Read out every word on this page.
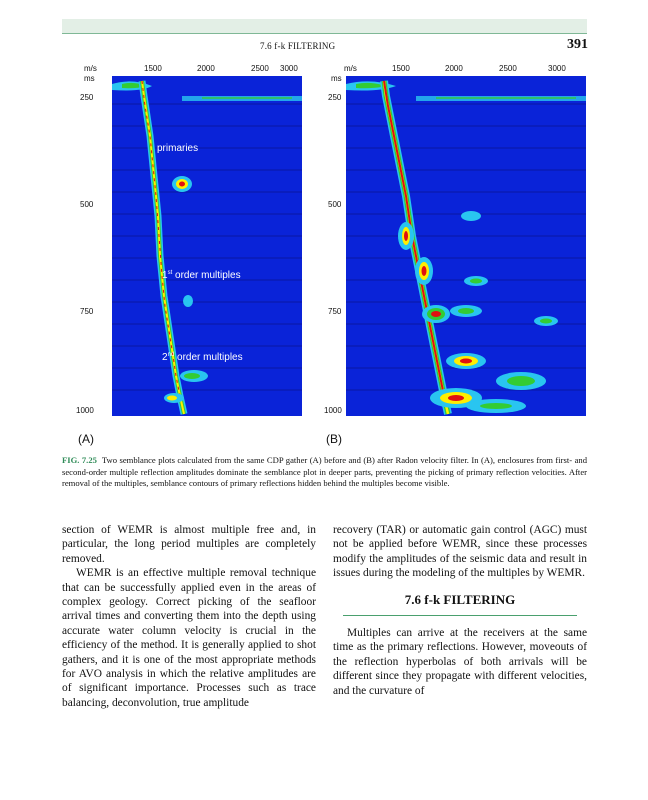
7.6 f-k FILTERING	391
m/s	1500	2000	2500 3000
ms
250
500
750
1000
primaries
1st order multiples
2nd order multiples
(A)
m/s	1500	2000	2500	3000
ms
250
500
750
1000
(B)
FIG. 7.25 Two semblance plots calculated from the same CDP gather (A) before and (B) after Radon velocity filter. In (A), enclosures from first- and second-order multiple reflection amplitudes dominate the semblance plot in deeper parts, preventing the picking of primary reflection velocities. After removal of the multiples, semblance contours of primary reflections hidden behind the multiples become visible.

section of WEMR is almost multiple free and, in particular, the long period multiples are completely removed.

WEMR is an effective multiple removal technique that can be successfully applied even in the areas of complex geology. Correct picking of the seafloor arrival times and converting them into the depth using accurate water column velocity is crucial in the efficiency of the method. It is generally applied to shot gathers, and it is one of the most appropriate methods for AVO analysis in which the relative amplitudes are of significant importance. Processes such as trace balancing, deconvolution, true amplitude

recovery (TAR) or automatic gain control (AGC) must not be applied before WEMR, since these processes modify the amplitudes of the seismic data and result in issues during the modeling of the multiples by WEMR.

7.6 f-k FILTERING

Multiples can arrive at the receivers at the same time as the primary reflections. However, moveouts of the reflection hyperbolas of both arrivals will be different since they propagate with different velocities, and the curvature of
